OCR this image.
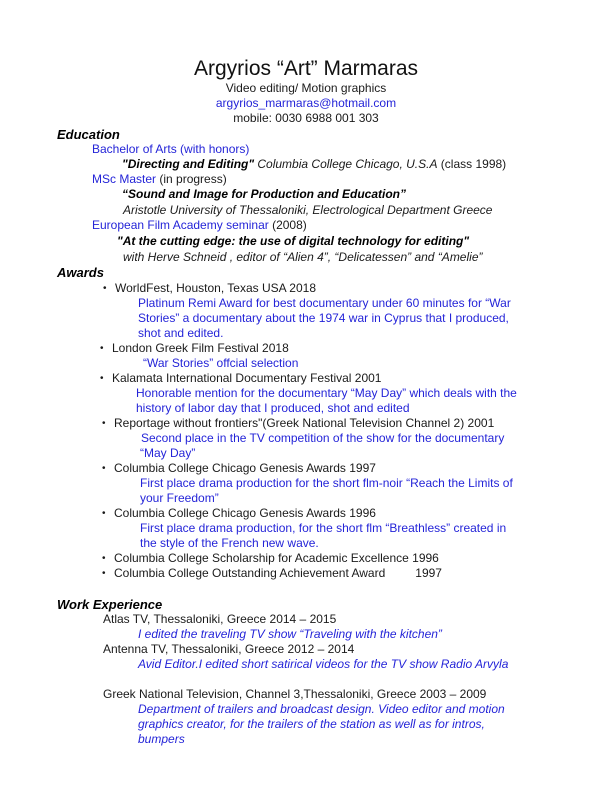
Argyrios “Art” Marmaras
Video editing/ Motion graphics
argyrios_marmaras@hotmail.com
mobile: 0030 6988 001 303
Education
Bachelor of Arts (with honors)
"Directing and Editing" Columbia College Chicago, U.S.A (class 1998)
MSc Master (in progress)
“Sound and Image for Production and Education”
Aristotle University of Thessaloniki, Electrological Department Greece
European Film Academy seminar (2008)
"At the cutting edge: the use of digital technology for editing"
with Herve Schneid , editor of “Alien 4”, “Delicatessen” and “Amelie”
Awards
• WorldFest, Houston, Texas USA 2018
Platinum Remi Award for best documentary under 60 minutes for “War
Stories” a documentary about the 1974 war in Cyprus that I produced,
shot and edited.
• London Greek Film Festival 2018
“War Stories” offcial selection
• Kalamata International Documentary Festival 2001
Honorable mention for the documentary “May Day” which deals with the
history of labor day that I produced, shot and edited
• Reportage without frontiers"(Greek National Television Channel 2) 2001
Second place in the TV competition of the show for the documentary
“May Day”
• Columbia College Chicago Genesis Awards 1997
First place drama production for the short flm-noir “Reach the Limits of
your Freedom”
• Columbia College Chicago Genesis Awards 1996
First place drama production, for the short flm “Breathless” created in
the style of the French new wave.
• Columbia College Scholarship for Academic Excellence 1996
• Columbia College Outstanding Achievement Award         1997
Work Experience
Atlas TV, Thessaloniki, Greece 2014 – 2015
I edited the traveling TV show “Traveling with the kitchen”
Antenna TV, Thessaloniki, Greece 2012 – 2014
Avid Editor.I edited short satirical videos for the TV show Radio Arvyla
Greek National Television, Channel 3,Thessaloniki, Greece 2003 – 2009
Department of trailers and broadcast design. Video editor and motion
graphics creator, for the trailers of the station as well as for intros,
bumpers
